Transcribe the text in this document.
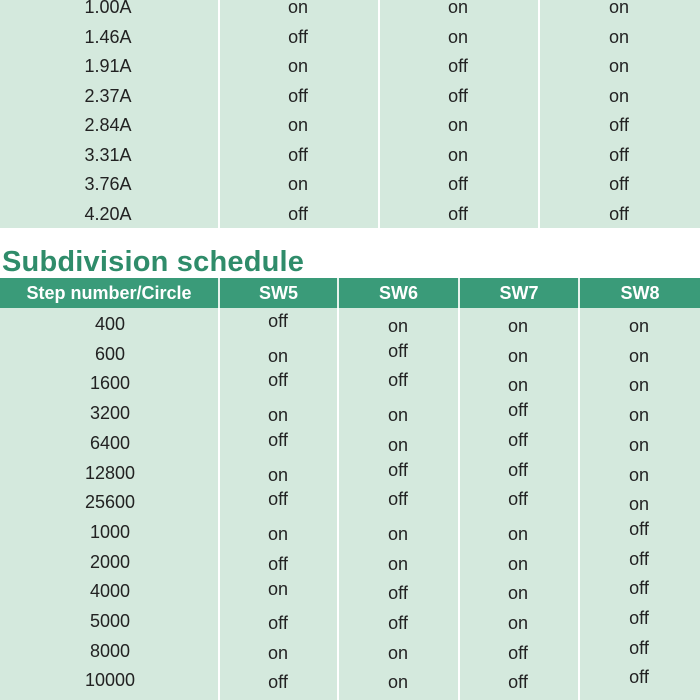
1.00A	on	on	on
1.46A	off	on	on
1.91A	on	off	on
2.37A	off	off	on
2.84A	on	on	off
3.31A	off	on	off
3.76A	on	off	off
4.20A	off	off	off
Subdivision schedule
Step number/Circle	SW5	SW6	SW7	SW8
400	off	on	on	on
600	on	off	on	on
1600	off	off	on	on
3200	on	on	off	on
6400	off	on	off	on
12800	on	off	off	on
25600	off	off	off	on
1000	on	on	on	off
2000	off	on	on	off
4000	on	off	on	off
5000	off	off	on	off
8000	on	on	off	off
10000	off	on	off	off
